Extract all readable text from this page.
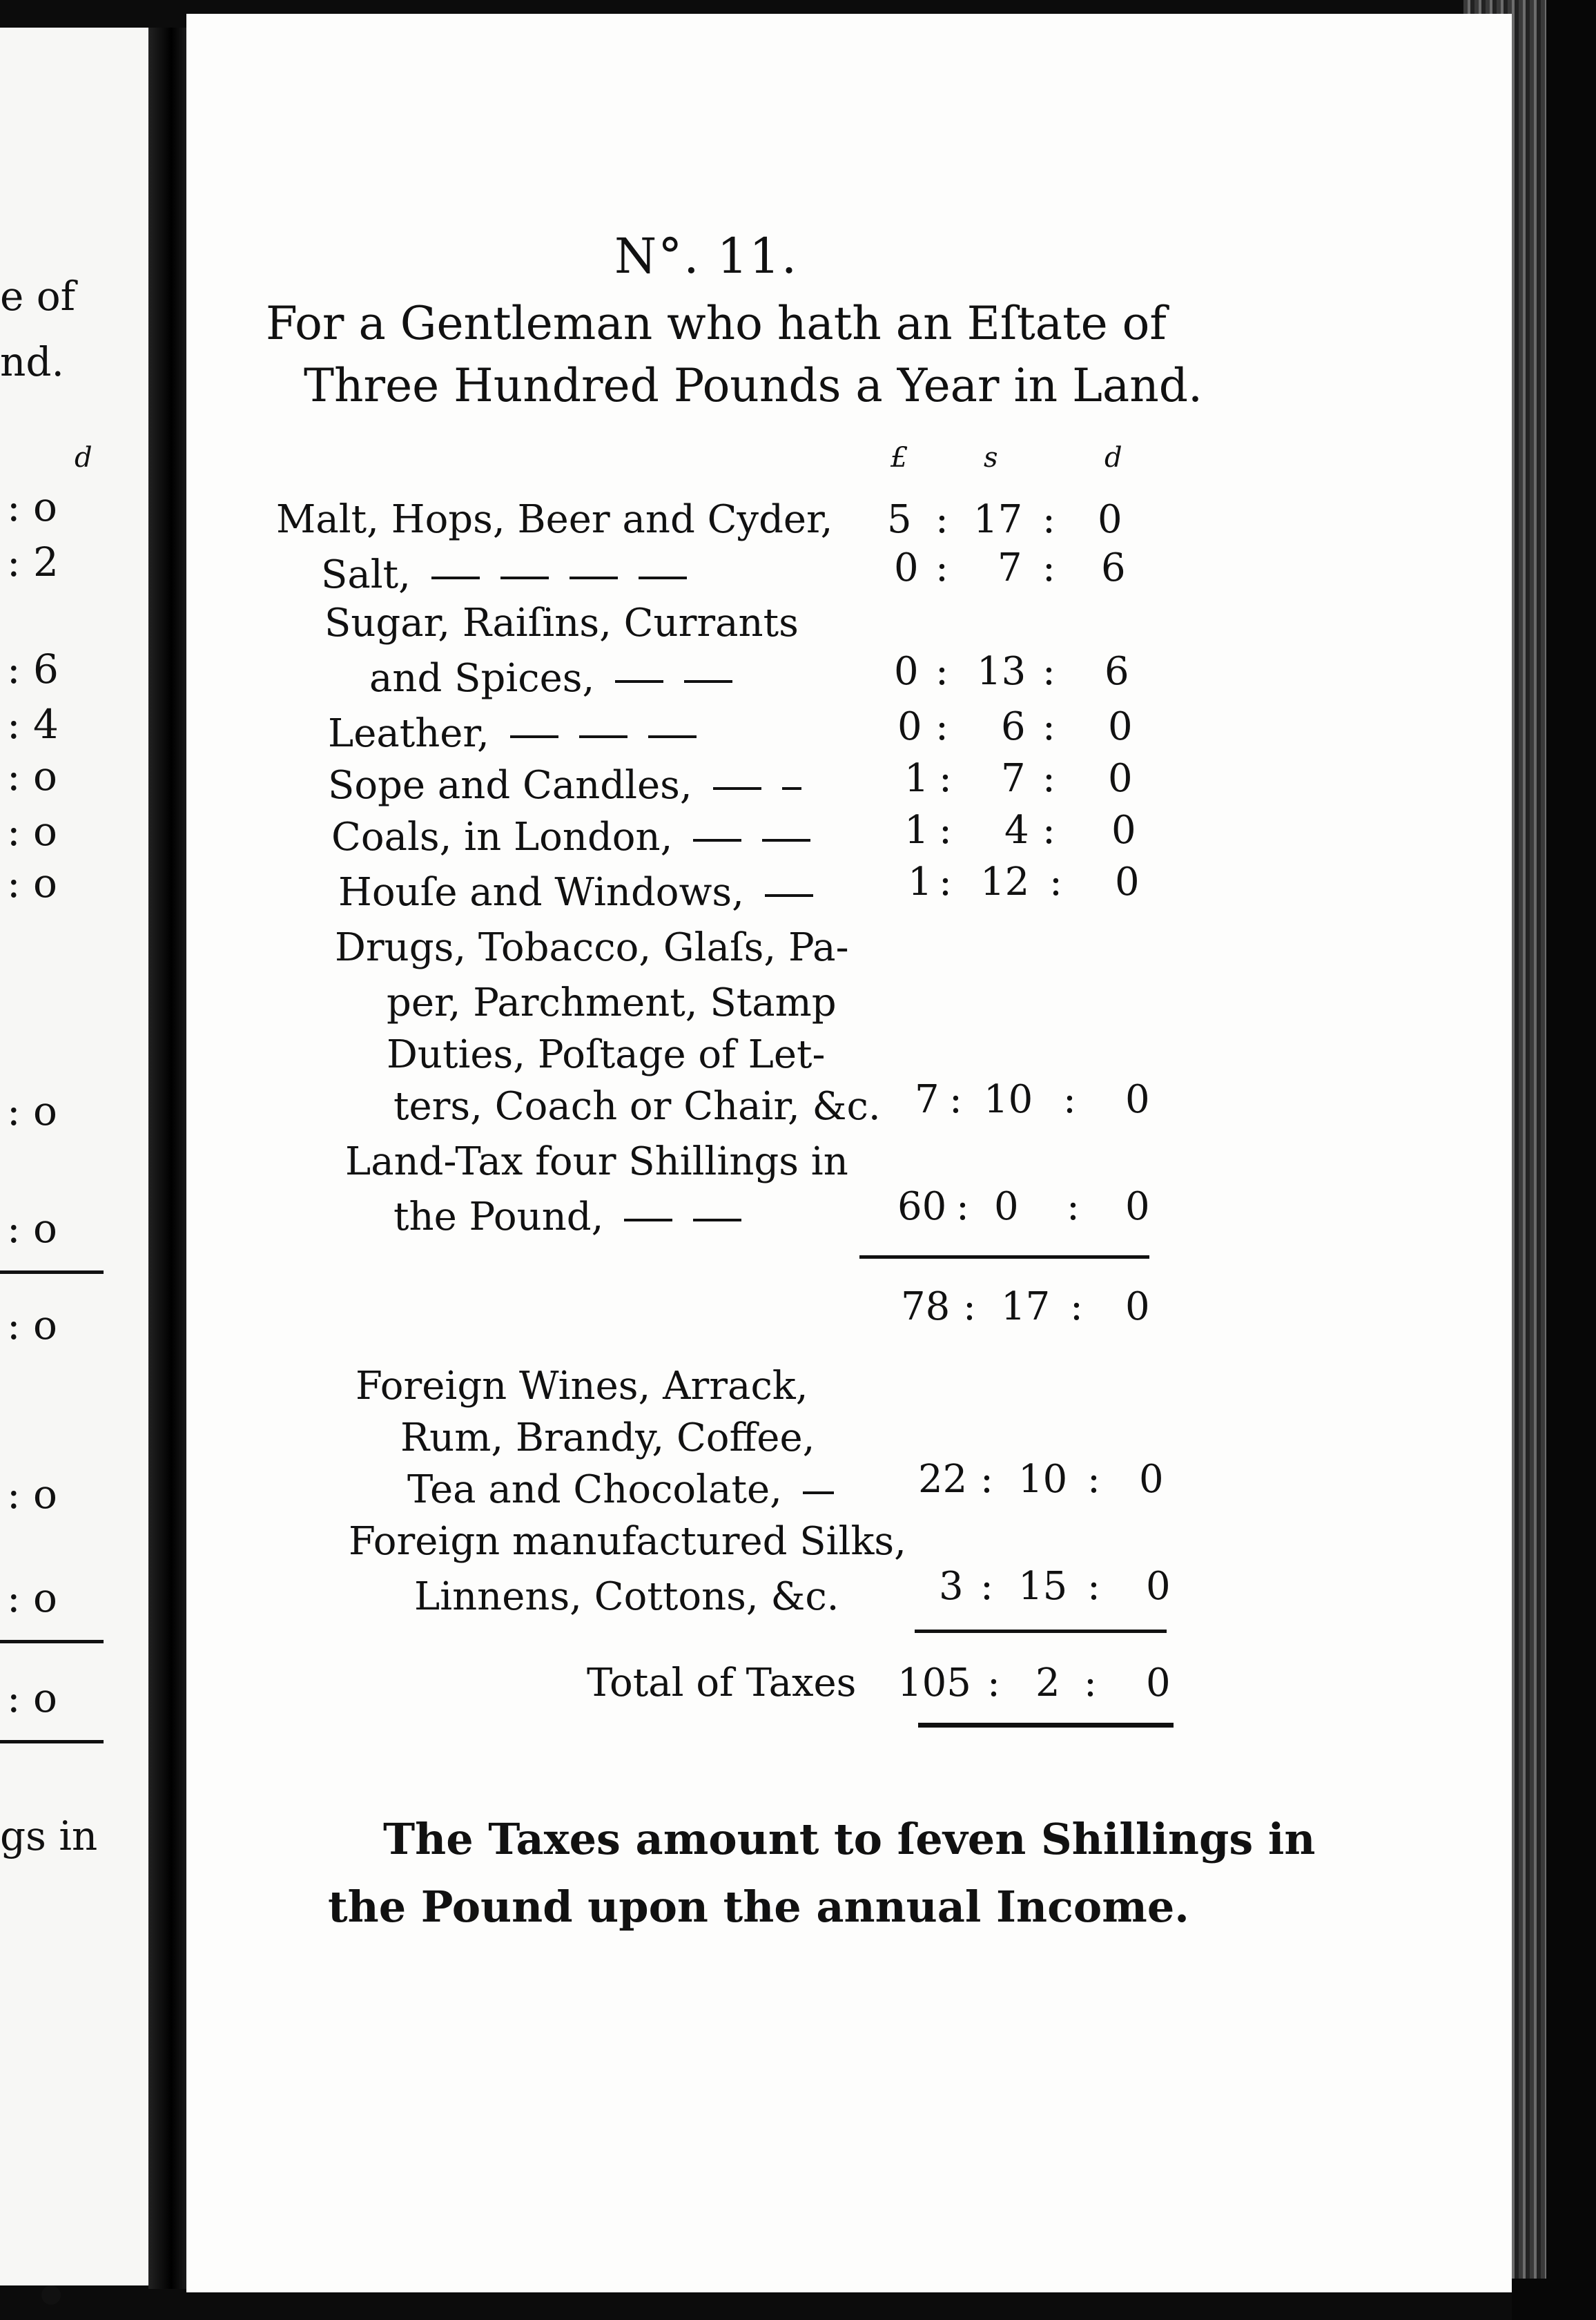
e of
nd.
d
: o
: 2
: 6
: 4
: o
: o
: o
: o
: o
: o
: o
: o
: o
gs in
N°. 11.
For a Gentleman who hath an Eſtate of
Three Hundred Pounds a Year in Land.
£	s	d
Malt, Hops, Beer and Cyder, 5 : 17 : 0
Salt,	0 : 7 : 6
Sugar, Raiſins, Currants
and Spices,	0 : 13 : 6
Leather,	0 : 6 : 0
Sope and Candles,	1 : 7 : 0
Coals, in London,	1 : 4 : 0
Houſe and Windows,	1 : 12 : 0
Drugs, Tobacco, Glaſs, Pa-
per, Parchment, Stamp
Duties, Poſtage of Let-
ters, Coach or Chair, &c. 7 : 10 : 0
Land-Tax four Shillings in
the Pound,	60 : 0 : 0
78 : 17 : 0
Foreign Wines, Arrack,
Rum, Brandy, Coffee,
Tea and Chocolate,	22 : 10 : 0
Foreign manufactured Silks,
Linnens, Cottons, &c.	3 : 15 : 0
Total of Taxes 105 : 2 : 0
The Taxes amount to ſeven Shillings in
the Pound upon the annual Income.
